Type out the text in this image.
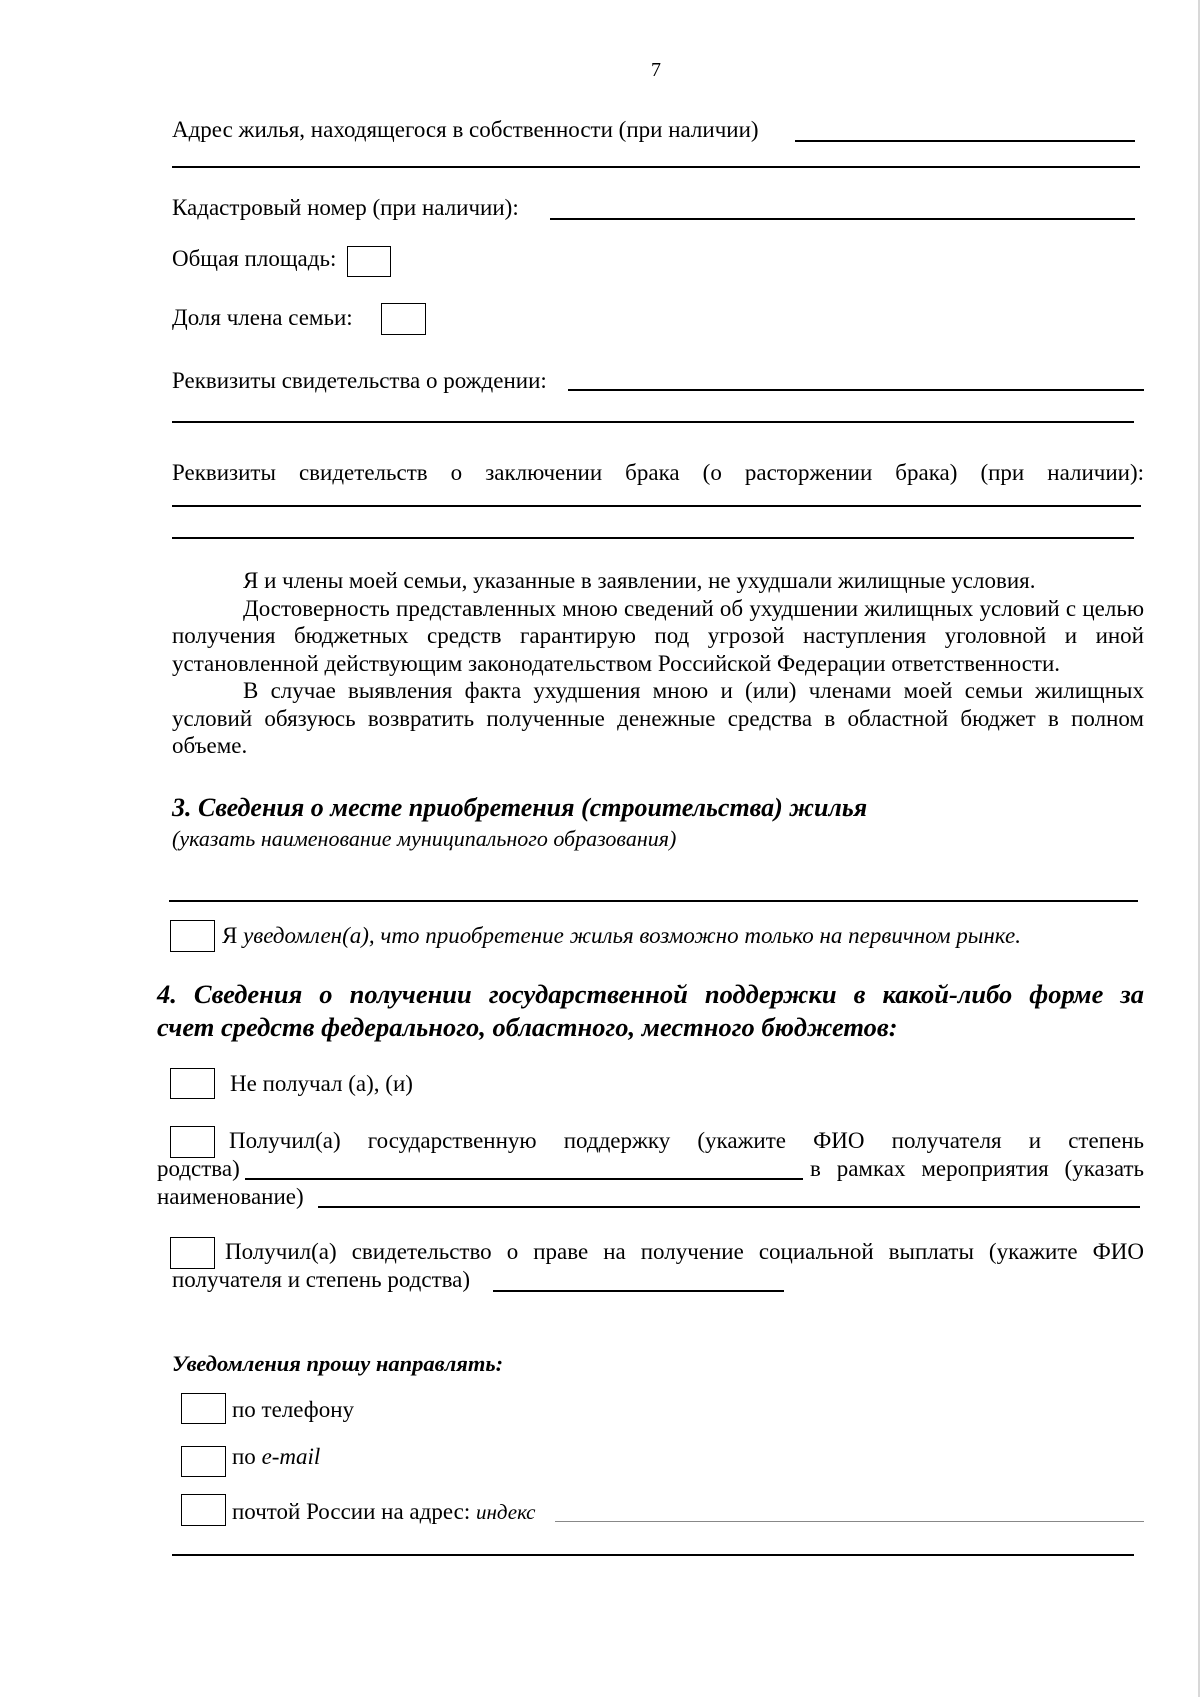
7
Адрес жилья, находящегося в собственности (при наличии)
Кадастровый номер (при наличии):
Общая площадь:
Доля члена семьи:
Реквизиты свидетельства о рождении:
Реквизиты свидетельств о заключении брака (о расторжении брака) (при наличии):

Я и члены моей семьи, указанные в заявлении, не ухудшали жилищные условия.

Достоверность представленных мною сведений об ухудшении жилищных условий с целью получения бюджетных средств гарантирую под угрозой наступления уголовной и иной установленной действующим законодательством Российской Федерации ответственности.

В случае выявления факта ухудшения мною и (или) членами моей семьи жилищных условий обязуюсь возвратить полученные денежные средства в областной бюджет в полном объеме.

3. Сведения о месте приобретения (строительства) жилья
(указать наименование муниципального образования)
Я уведомлен(а), что приобретение жилья возможно только на первичном рынке.
4. Сведения о получении государственной поддержки в какой-либо форме за
счет средств федерального, областного, местного бюджетов:
Не получал (а), (и)
Получил(а) государственную поддержку (укажите ФИО получателя и степень
родства)	в рамках мероприятия (указать
наименование)
Получил(а) свидетельство о праве на получение социальной выплаты (укажите ФИО
получателя и степень родства)
Уведомления прошу направлять:
по телефону
по e-mail
почтой России на адрес: индекс
